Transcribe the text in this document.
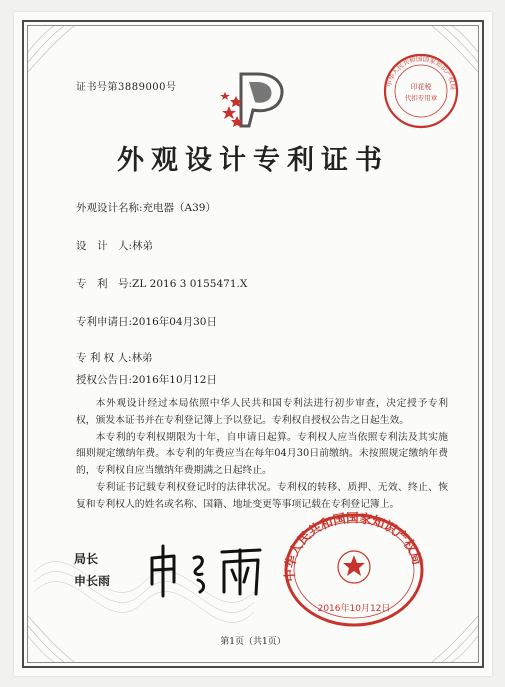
证书号第3889000号	中华人民共和国国家知识产权局
印花税
代扣专用章
外观设计专利证书
外观设计名称:充电器（A39）
设　计　人:林弟
专　利　号:ZL 2016 3 0155471.X
专利申请日:2016年04月30日
专 利 权 人:林弟
授权公告日:2016年10月12日

本外观设计经过本局依照中华人民共和国专利法进行初步审查，决定授予专利权，颁发本证书并在专利登记簿上予以登记。专利权自授权公告之日起生效。

本专利的专利权期限为十年，自申请日起算。专利权人应当依照专利法及其实施细则规定缴纳年费。本专利的年费应当在每年04月30日前缴纳。未按照规定缴纳年费的，专利权自应当缴纳年费期满之日起终止。

专利证书记载专利权登记时的法律状况。专利权的转移、质押、无效、终止、恢复和专利权人的姓名或名称、国籍、地址变更等事项记载在专利登记簿上。

局长
申长雨	中华人民共和国国家知识产权局
2016年10月12日
第1页（共1页）
